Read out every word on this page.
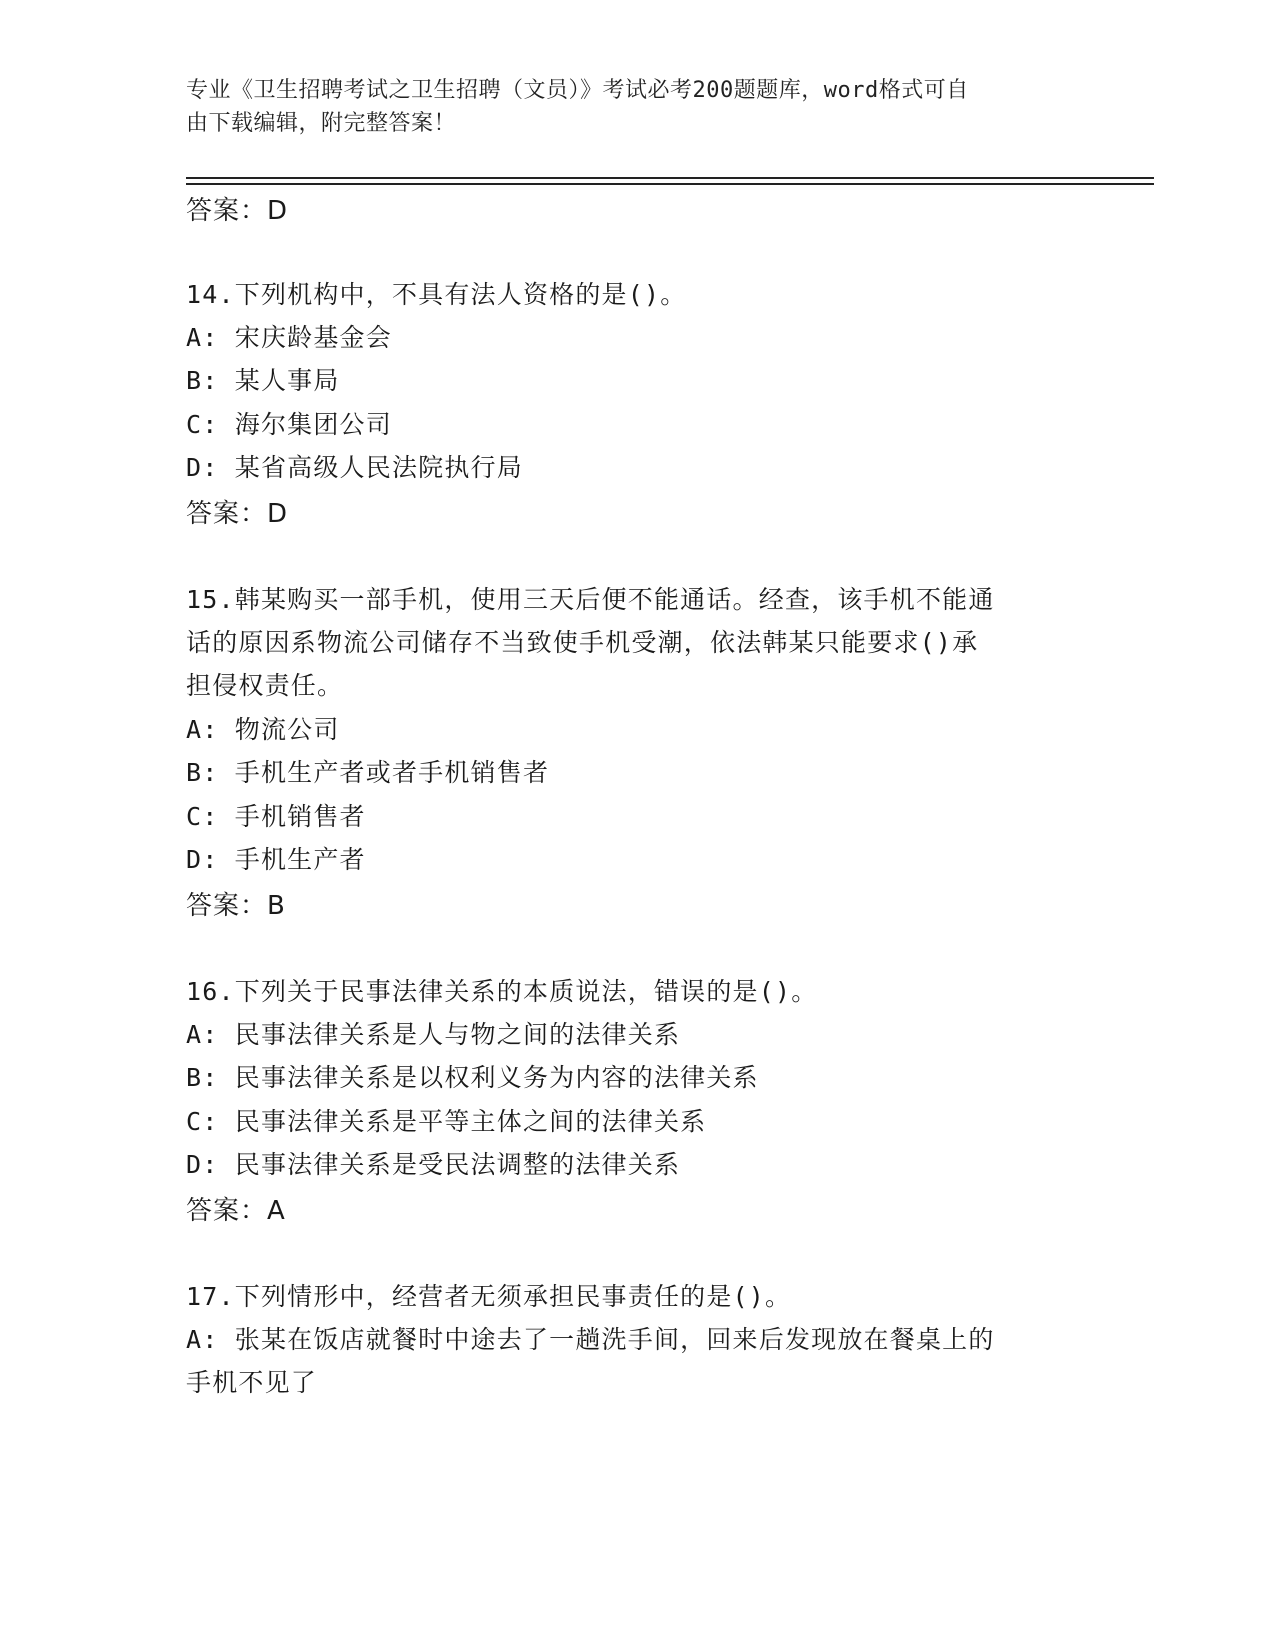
专业《卫生招聘考试之卫生招聘（文员）》考试必考200题题库，word格式可自
由下载编辑，附完整答案！
答案：D
14.下列机构中，不具有法人资格的是()。
A: 宋庆龄基金会
B: 某人事局
C: 海尔集团公司
D: 某省高级人民法院执行局
答案：D
15.韩某购买一部手机，使用三天后便不能通话。经查，该手机不能通
话的原因系物流公司储存不当致使手机受潮，依法韩某只能要求()承
担侵权责任。
A: 物流公司
B: 手机生产者或者手机销售者
C: 手机销售者
D: 手机生产者
答案：B
16.下列关于民事法律关系的本质说法，错误的是()。
A: 民事法律关系是人与物之间的法律关系
B: 民事法律关系是以权利义务为内容的法律关系
C: 民事法律关系是平等主体之间的法律关系
D: 民事法律关系是受民法调整的法律关系
答案：A
17.下列情形中，经营者无须承担民事责任的是()。
A: 张某在饭店就餐时中途去了一趟洗手间，回来后发现放在餐桌上的
手机不见了
